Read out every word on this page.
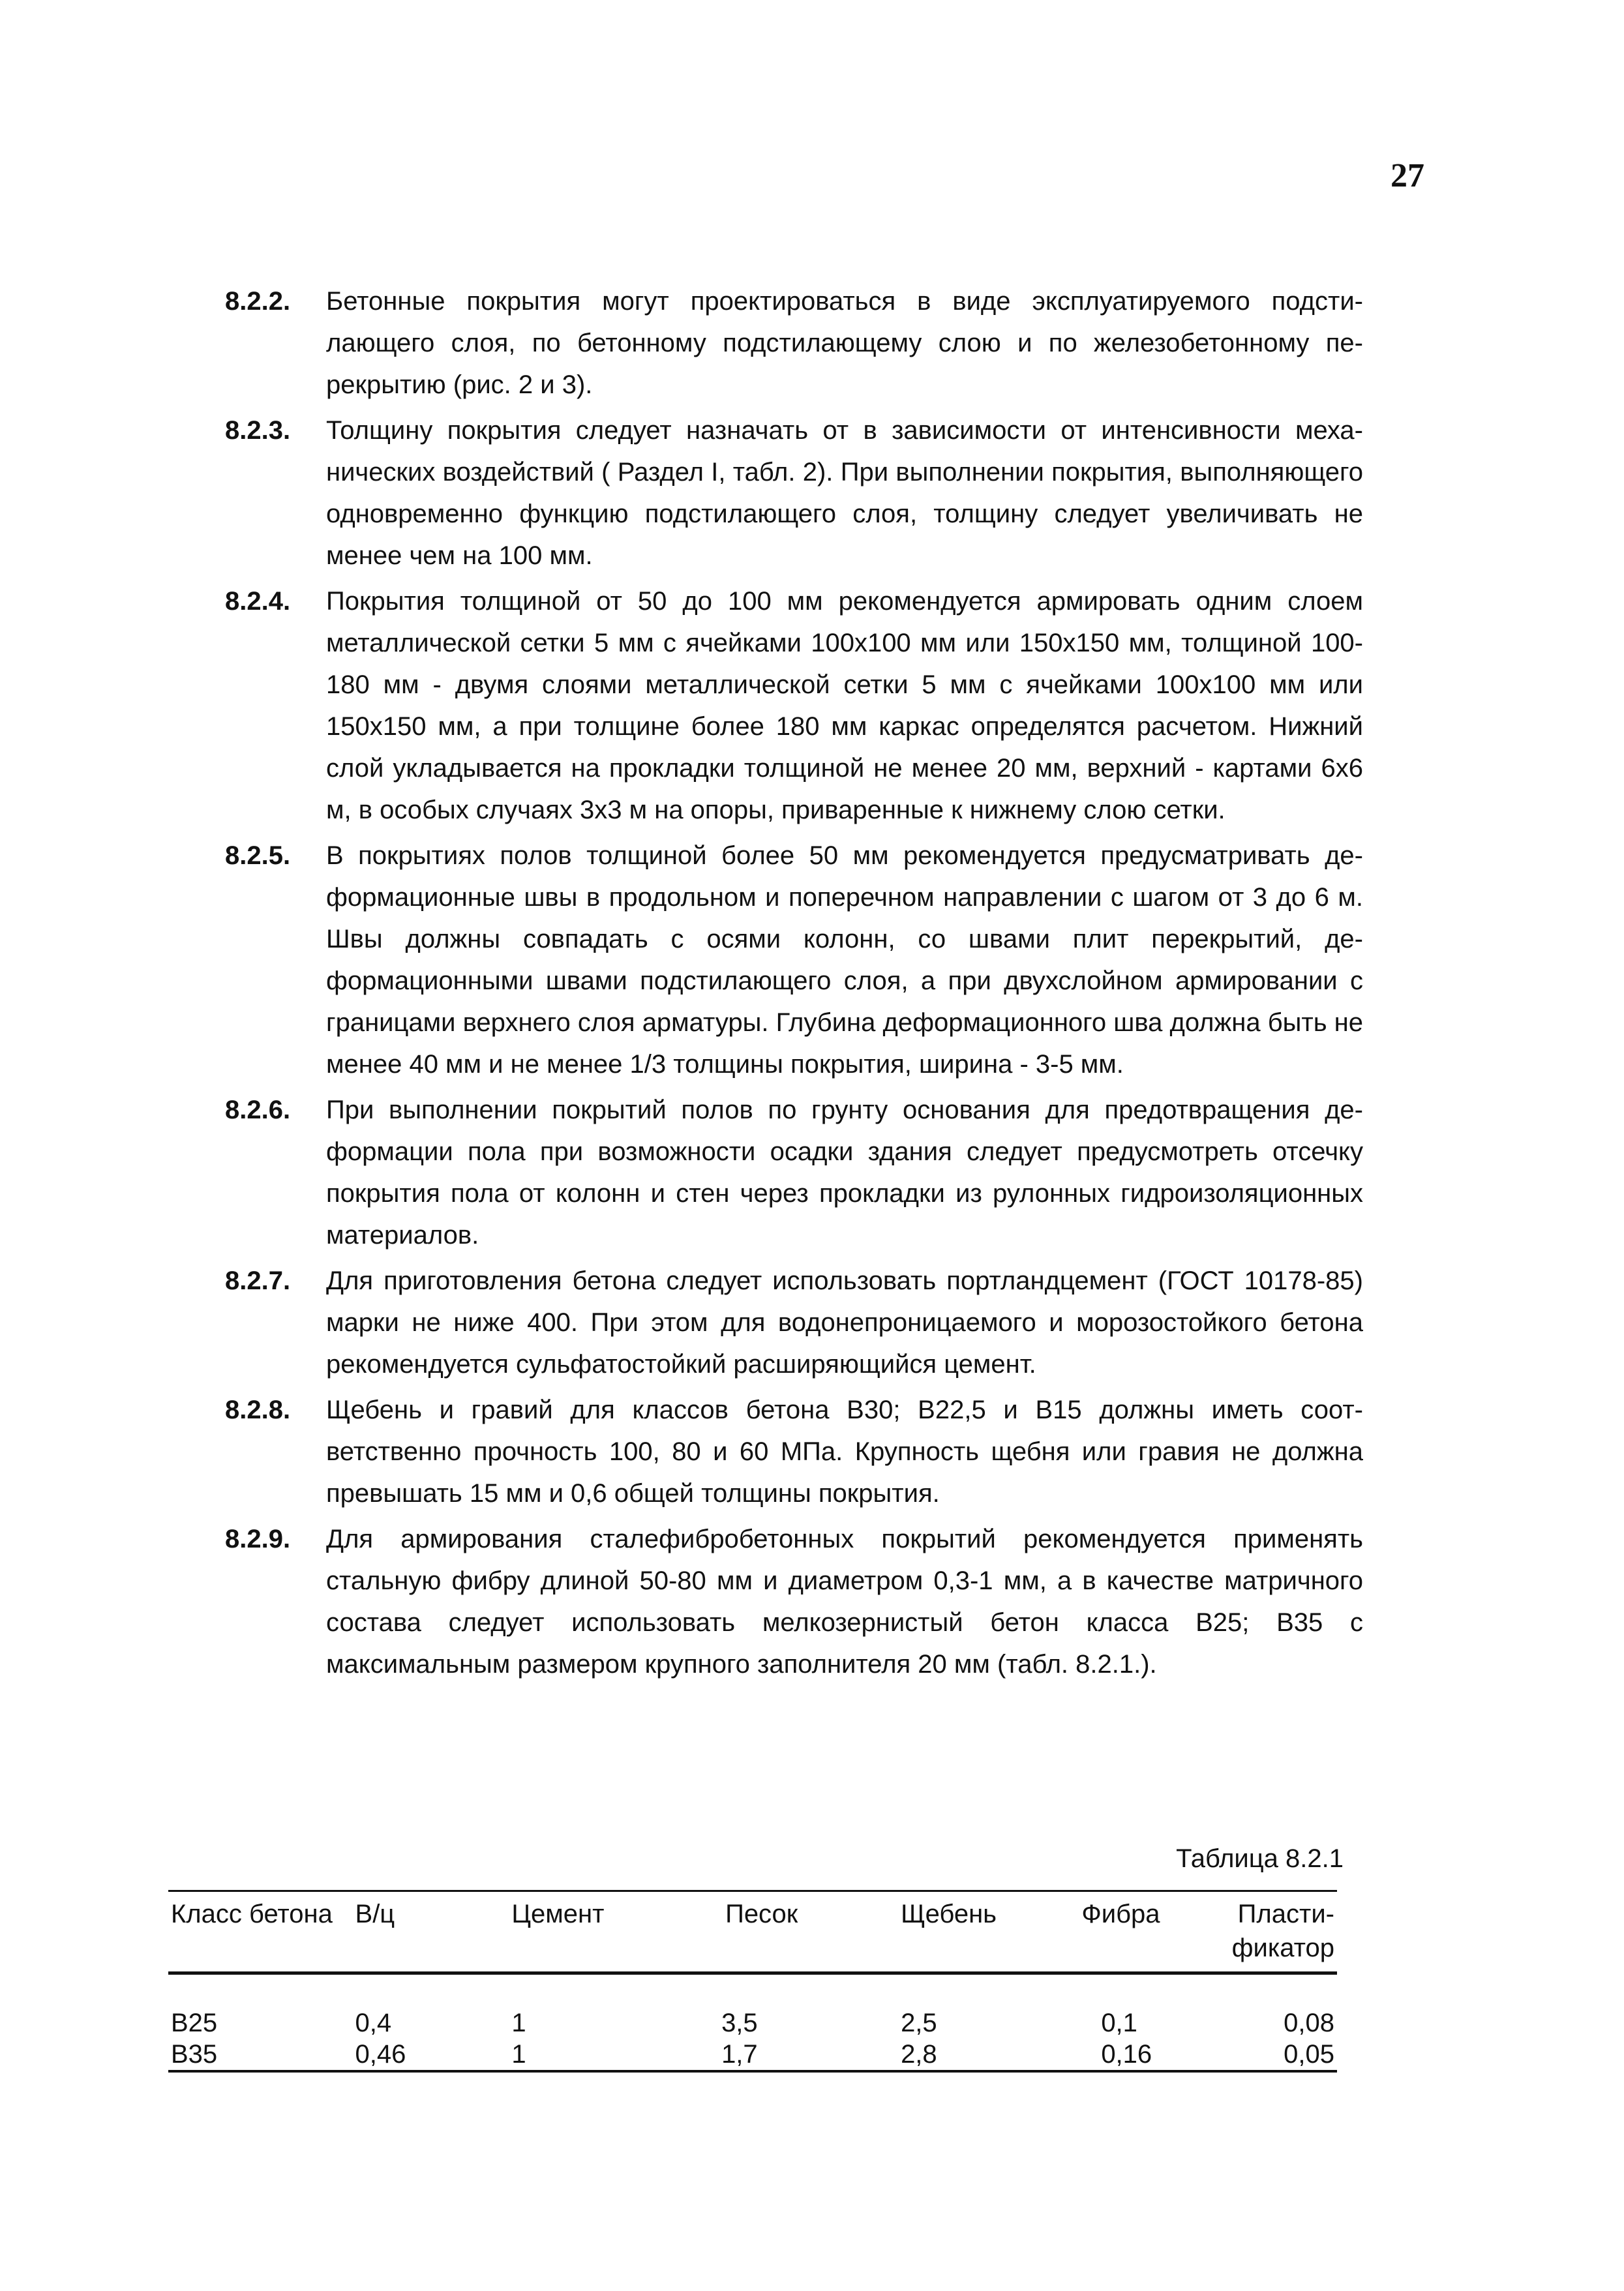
27
8.2.2.	Бетонные покрытия могут проектироваться в виде эксплуатируемого подстилающего слоя, по бетонному подстилающему слою и по железобетонному перекрытию (рис. 2 и 3).
8.2.3.	Толщину покрытия следует назначать от в зависимости от интенсивности механических воздействий ( Раздел I, табл. 2). При выполнении покрытия, выполняющего одновременно функцию подстилающего слоя, толщину следует увеличивать не менее чем на 100 мм.
8.2.4.	Покрытия толщиной от 50 до 100 мм рекомендуется армировать одним слоем металлической сетки 5 мм с ячейками 100x100 мм или 150x150 мм, толщиной 100-180 мм - двумя слоями металлической сетки 5 мм с ячейками 100x100 мм или 150x150 мм, а при толщине более 180 мм каркас определятся расчетом. Нижний слой укладывается на прокладки толщиной не менее 20 мм, верхний - картами 6x6 м, в особых случаях 3x3 м на опоры, приваренные к нижнему слою сетки.
8.2.5.	В покрытиях полов толщиной более 50 мм рекомендуется предусматривать деформационные швы в продольном и поперечном направлении с шагом от 3 до 6 м. Швы должны совпадать с осями колонн, со швами плит перекрытий, деформационными швами подстилающего слоя, а при двухслойном армировании с границами верхнего слоя арматуры. Глубина деформационного шва должна быть не менее 40 мм и не менее 1/3 толщины покрытия, ширина - 3-5 мм.
8.2.6.	При выполнении покрытий полов по грунту основания для предотвращения деформации пола при возможности осадки здания следует предусмотреть отсечку покрытия пола от колонн и стен через прокладки из рулонных гидроизоляционных материалов.
8.2.7.	Для приготовления бетона следует использовать портландцемент (ГОСТ 10178-85) марки не ниже 400. При этом для водонепроницаемого и морозостойкого бетона рекомендуется сульфатостойкий расширяющийся цемент.
8.2.8.	Щебень и гравий для классов бетона В30; В22,5 и В15 должны иметь соответственно прочность 100, 80 и 60 МПа. Крупность щебня или гравия не должна превышать 15 мм и 0,6 общей толщины покрытия.
8.2.9.	Для армирования сталефибробетонных покрытий рекомендуется применять стальную фибру длиной 50-80 мм и диаметром 0,3-1 мм, а в качестве матричного состава следует использовать мелкозернистый бетон класса В25; В35 с максимальным размером крупного заполнителя 20 мм (табл. 8.2.1.).
Таблица 8.2.1
Класс бетона	В/ц	Цемент	Песок	Щебень	Фибра	Пласти-
фикатор

В25	0,4	1	3,5	2,5	0,1	0,08
В35	0,46	1	1,7	2,8	0,16	0,05
